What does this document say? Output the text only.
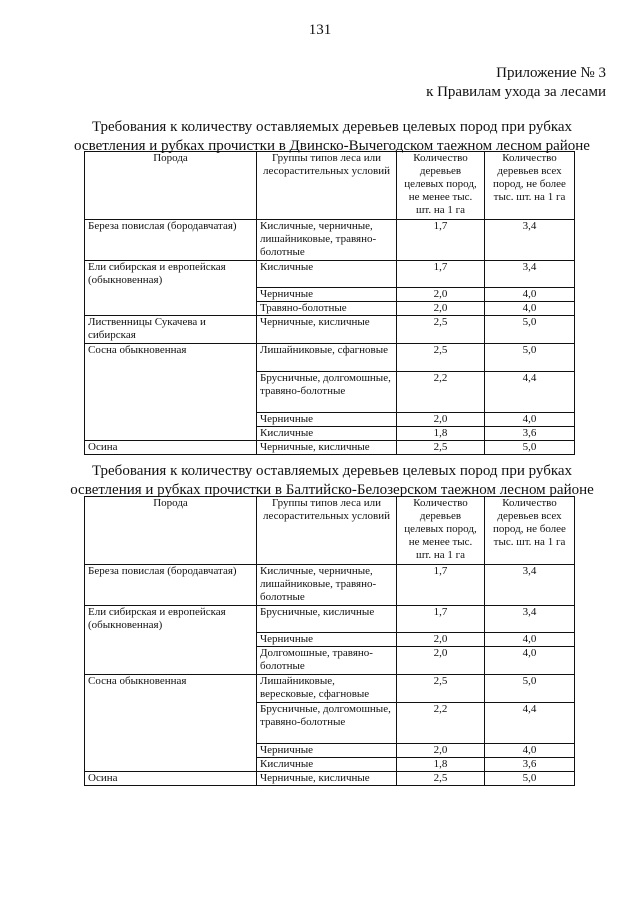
131
Приложение № 3
к Правилам ухода за лесами
Требования к количеству оставляемых деревьев целевых пород при рубках
осветления и рубках прочистки в Двинско-Вычегодском таежном лесном районе
Порода	Группы типов леса или лесорастительных условий	Количество деревьев целевых пород, не менее тыс. шт. на 1 га	Количество деревьев всех пород, не более тыс. шт. на 1 га
Береза повислая (бородавчатая)	Кисличные, черничные, лишайниковые, травяно-болотные	1,7	3,4
Ели сибирская и европейская (обыкновенная)	Кисличные	1,7	3,4
	Черничные	2,0	4,0
	Травяно-болотные	2,0	4,0
Лиственницы Сукачева и сибирская	Черничные, кисличные	2,5	5,0
Сосна обыкновенная	Лишайниковые, сфагновые	2,5	5,0
	Брусничные, долгомошные, травяно-болотные	2,2	4,4
	Черничные	2,0	4,0
	Кисличные	1,8	3,6
Осина	Черничные, кисличные	2,5	5,0
Требования к количеству оставляемых деревьев целевых пород при рубках
осветления и рубках прочистки в Балтийско-Белозерском таежном лесном районе
Порода	Группы типов леса или лесорастительных условий	Количество деревьев целевых пород, не менее тыс. шт. на 1 га	Количество деревьев всех пород, не более тыс. шт. на 1 га
Береза повислая (бородавчатая)	Кисличные, черничные, лишайниковые, травяно-болотные	1,7	3,4
Ели сибирская и европейская (обыкновенная)	Брусничные, кисличные	1,7	3,4
	Черничные	2,0	4,0
	Долгомошные, травяно-болотные	2,0	4,0
Сосна обыкновенная	Лишайниковые, вересковые, сфагновые	2,5	5,0
	Брусничные, долгомошные, травяно-болотные	2,2	4,4
	Черничные	2,0	4,0
	Кисличные	1,8	3,6
Осина	Черничные, кисличные	2,5	5,0
